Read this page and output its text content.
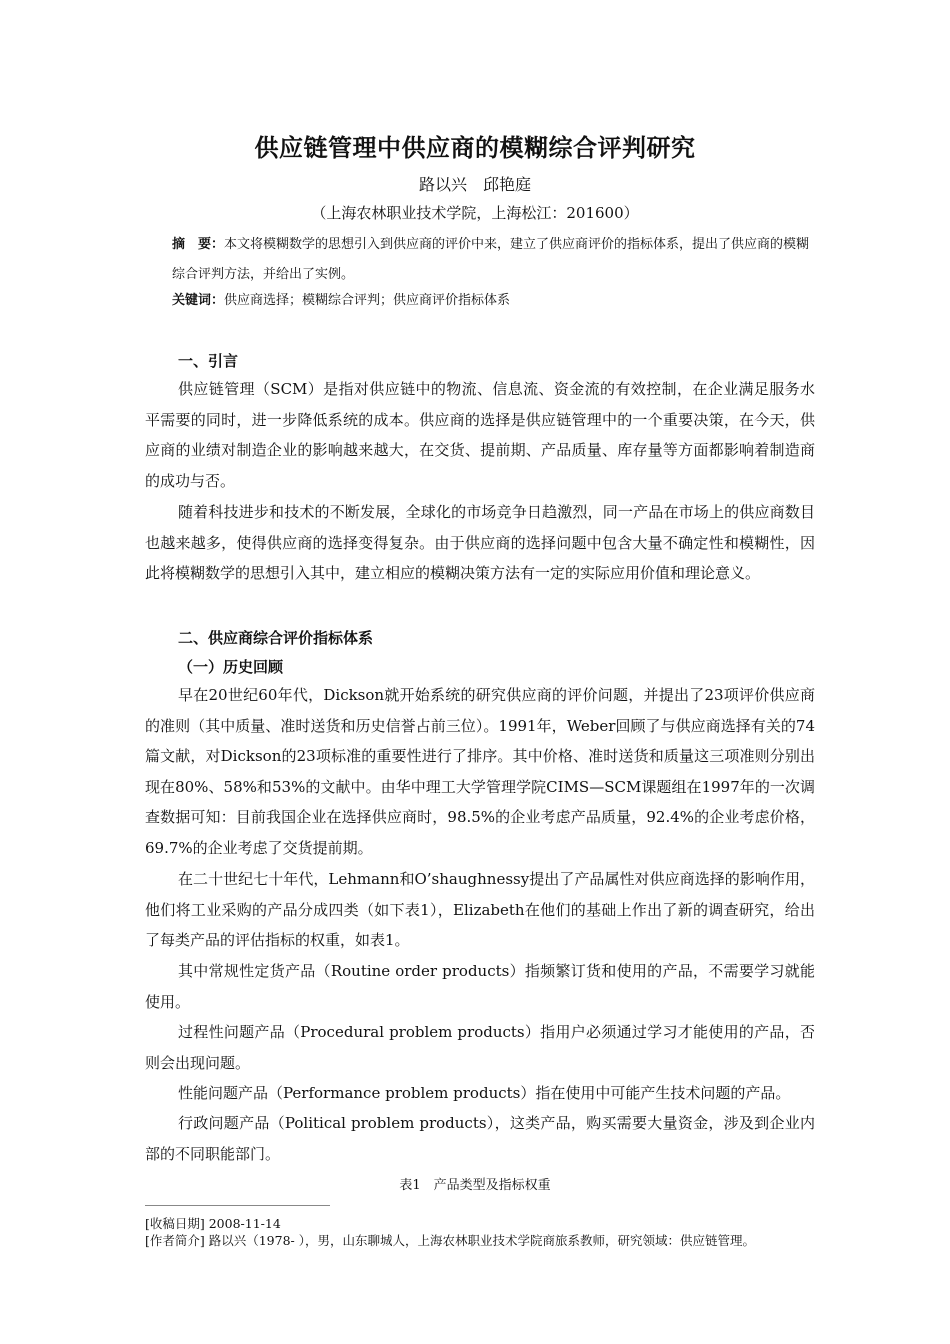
供应链管理中供应商的模糊综合评判研究
路以兴　邱艳庭
（上海农林职业技术学院，上海松江：201600）
摘　要：本文将模糊数学的思想引入到供应商的评价中来，建立了供应商评价的指标体系，提出了供应商的模糊综合评判方法，并给出了实例。
关键词：供应商选择；模糊综合评判；供应商评价指标体系
一、引言
供应链管理（SCM）是指对供应链中的物流、信息流、资金流的有效控制，在企业满足服务水平需要的同时，进一步降低系统的成本。供应商的选择是供应链管理中的一个重要决策，在今天，供应商的业绩对制造企业的影响越来越大，在交货、提前期、产品质量、库存量等方面都影响着制造商的成功与否。
随着科技进步和技术的不断发展，全球化的市场竞争日趋激烈，同一产品在市场上的供应商数目也越来越多，使得供应商的选择变得复杂。由于供应商的选择问题中包含大量不确定性和模糊性，因此将模糊数学的思想引入其中，建立相应的模糊决策方法有一定的实际应用价值和理论意义。
二、供应商综合评价指标体系
（一）历史回顾
早在20世纪60年代，Dickson就开始系统的研究供应商的评价问题，并提出了23项评价供应商的准则（其中质量、准时送货和历史信誉占前三位）。1991年，Weber回顾了与供应商选择有关的74篇文献，对Dickson的23项标准的重要性进行了排序。其中价格、准时送货和质量这三项准则分别出现在80%、58%和53%的文献中。由华中理工大学管理学院CIMS—SCM课题组在1997年的一次调查数据可知：目前我国企业在选择供应商时，98.5%的企业考虑产品质量，92.4%的企业考虑价格，69.7%的企业考虑了交货提前期。
在二十世纪七十年代，Lehmann和O’shaughnessy提出了产品属性对供应商选择的影响作用，他们将工业采购的产品分成四类（如下表1），Elizabeth在他们的基础上作出了新的调查研究，给出了每类产品的评估指标的权重，如表1。
其中常规性定货产品（Routine order products）指频繁订货和使用的产品，不需要学习就能使用。
过程性问题产品（Procedural problem products）指用户必须通过学习才能使用的产品，否则会出现问题。
性能问题产品（Performance problem products）指在使用中可能产生技术问题的产品。
行政问题产品（Political problem products），这类产品，购买需要大量资金，涉及到企业内部的不同职能部门。
表1　产品类型及指标权重
[收稿日期] 2008-11-14
[作者简介] 路以兴（1978- ），男，山东聊城人，上海农林职业技术学院商旅系教师，研究领域：供应链管理。
